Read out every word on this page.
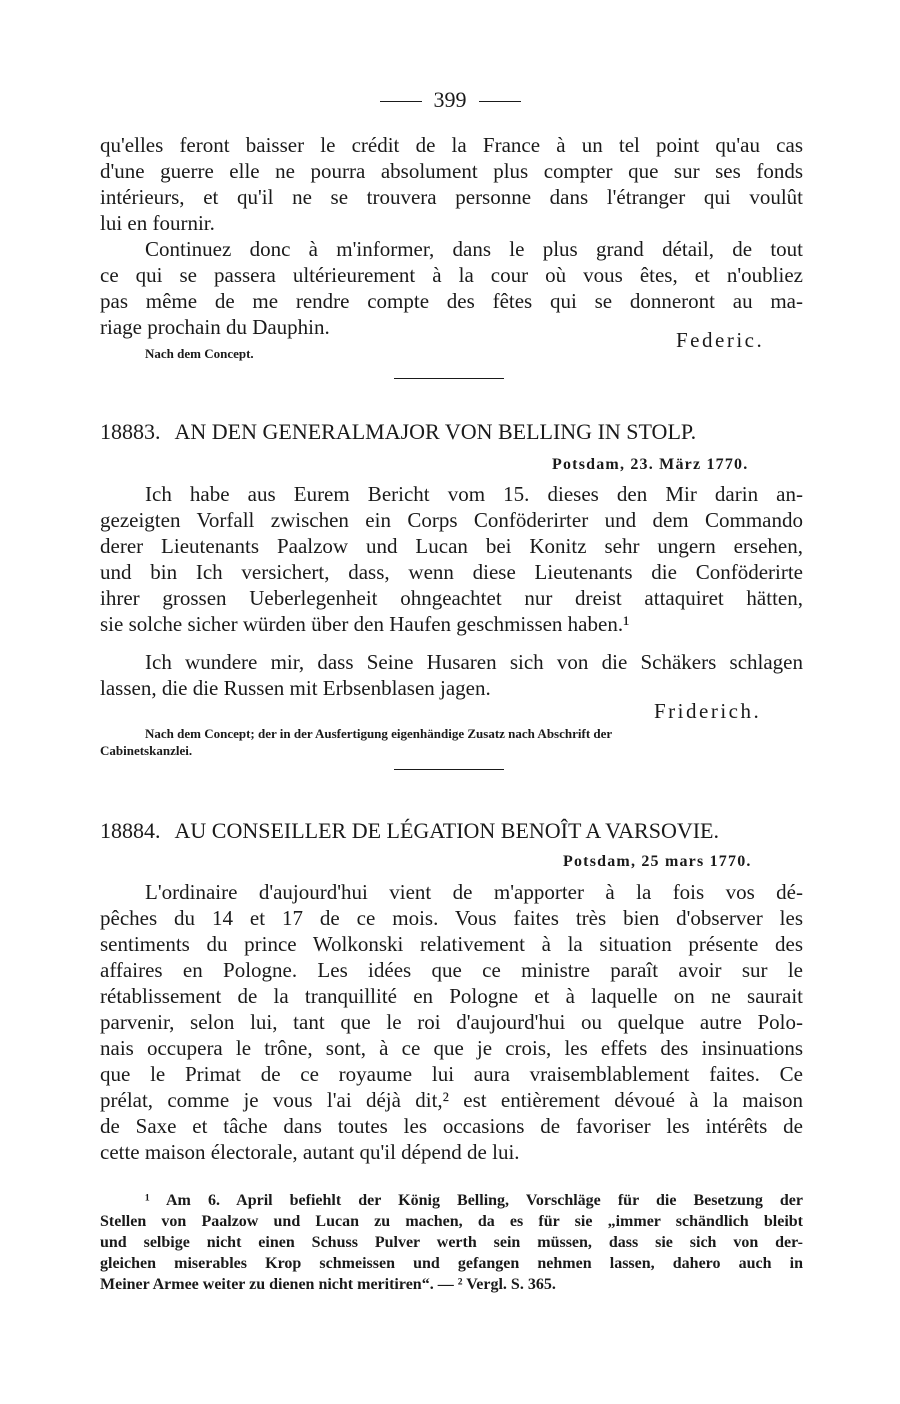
399
qu'elles feront baisser le crédit de la France à un tel point qu'au cas
d'une guerre elle ne pourra absolument plus compter que sur ses fonds
intérieurs, et qu'il ne se trouvera personne dans l'étranger qui voulût
lui en fournir.
Continuez donc à m'informer, dans le plus grand détail, de tout
ce qui se passera ultérieurement à la cour où vous êtes, et n'oubliez
pas même de me rendre compte des fêtes qui se donneront au ma-
riage prochain du Dauphin.
Federic.
Nach dem Concept.
18883. AN DEN GENERALMAJOR VON BELLING IN STOLP.
Potsdam, 23. März 1770.
Ich habe aus Eurem Bericht vom 15. dieses den Mir darin an-
gezeigten Vorfall zwischen ein Corps Conföderirter und dem Commando
derer Lieutenants Paalzow und Lucan bei Konitz sehr ungern ersehen,
und bin Ich versichert, dass, wenn diese Lieutenants die Conföderirte
ihrer grossen Ueberlegenheit ohngeachtet nur dreist attaquiret hätten,
sie solche sicher würden über den Haufen geschmissen haben.¹
Ich wundere mir, dass Seine Husaren sich von die Schäkers schlagen
lassen, die die Russen mit Erbsenblasen jagen.
Friderich.
Nach dem Concept; der in der Ausfertigung eigenhändige Zusatz nach Abschrift der
Cabinetskanzlei.
18884. AU CONSEILLER DE LÉGATION BENOÎT A VARSOVIE.
Potsdam, 25 mars 1770.
L'ordinaire d'aujourd'hui vient de m'apporter à la fois vos dé-
pêches du 14 et 17 de ce mois. Vous faites très bien d'observer les
sentiments du prince Wolkonski relativement à la situation présente des
affaires en Pologne. Les idées que ce ministre paraît avoir sur le
rétablissement de la tranquillité en Pologne et à laquelle on ne saurait
parvenir, selon lui, tant que le roi d'aujourd'hui ou quelque autre Polo-
nais occupera le trône, sont, à ce que je crois, les effets des insinuations
que le Primat de ce royaume lui aura vraisemblablement faites. Ce
prélat, comme je vous l'ai déjà dit,² est entièrement dévoué à la maison
de Saxe et tâche dans toutes les occasions de favoriser les intérêts de
cette maison électorale, autant qu'il dépend de lui.
¹ Am 6. April befiehlt der König Belling, Vorschläge für die Besetzung der
Stellen von Paalzow und Lucan zu machen, da es für sie „immer schändlich bleibt
und selbige nicht einen Schuss Pulver werth sein müssen, dass sie sich von der-
gleichen miserables Krop schmeissen und gefangen nehmen lassen, dahero auch in
Meiner Armee weiter zu dienen nicht meritiren“. — ² Vergl. S. 365.
